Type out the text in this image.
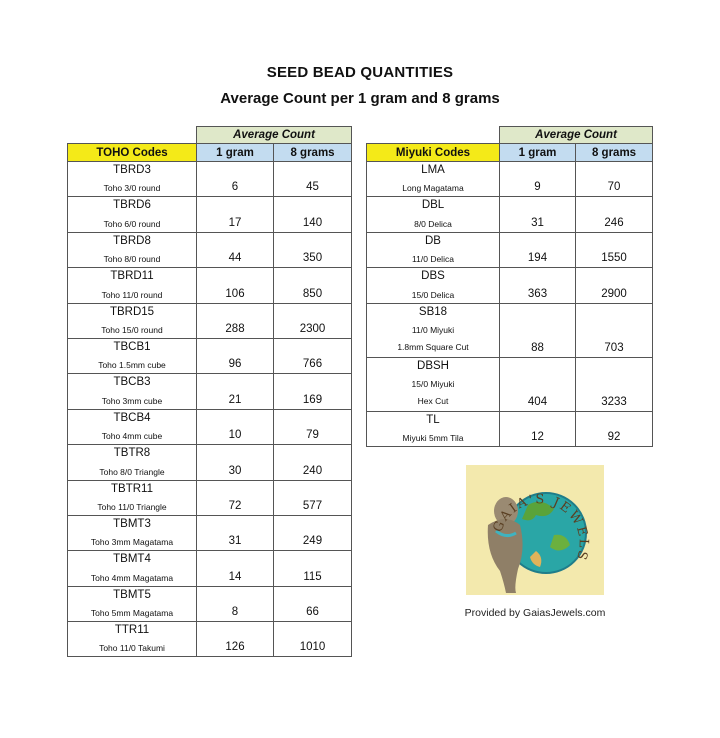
SEED BEAD QUANTITIES
Average Count per 1 gram and 8 grams
	Average Count	
TOHO Codes	1 gram	8 grams

TBRD3
Toho 3/0 round	6	45

TBRD6
Toho 6/0 round	17	140

TBRD8
Toho 8/0 round	44	350

TBRD11
Toho 11/0 round	106	850

TBRD15
Toho 15/0 round	288	2300

TBCB1
Toho 1.5mm cube	96	766

TBCB3
Toho 3mm cube	21	169

TBCB4
Toho 4mm cube	10	79

TBTR8
Toho 8/0 Triangle	30	240

TBTR11
Toho 11/0 Triangle	72	577

TBMT3
Toho 3mm Magatama	31	249

TBMT4
Toho 4mm Magatama	14	115

TBMT5
Toho 5mm Magatama	8	66

TTR11
Toho 11/0 Takumi	126	1010
	Average Count	
Miyuki Codes	1 gram	8 grams

LMA
Long Magatama	9	70

DBL
8/0 Delica	31	246

DB
11/0 Delica	194	1550

DBS
15/0 Delica	363	2900

SB18
11/0 Miyuki
1.8mm Square Cut	88	703

DBSH
15/0 Miyuki
Hex Cut	404	3233

TL
Miyuki 5mm Tila	12	92
GAIA'S JEWELS
Provided by GaiasJewels.com
